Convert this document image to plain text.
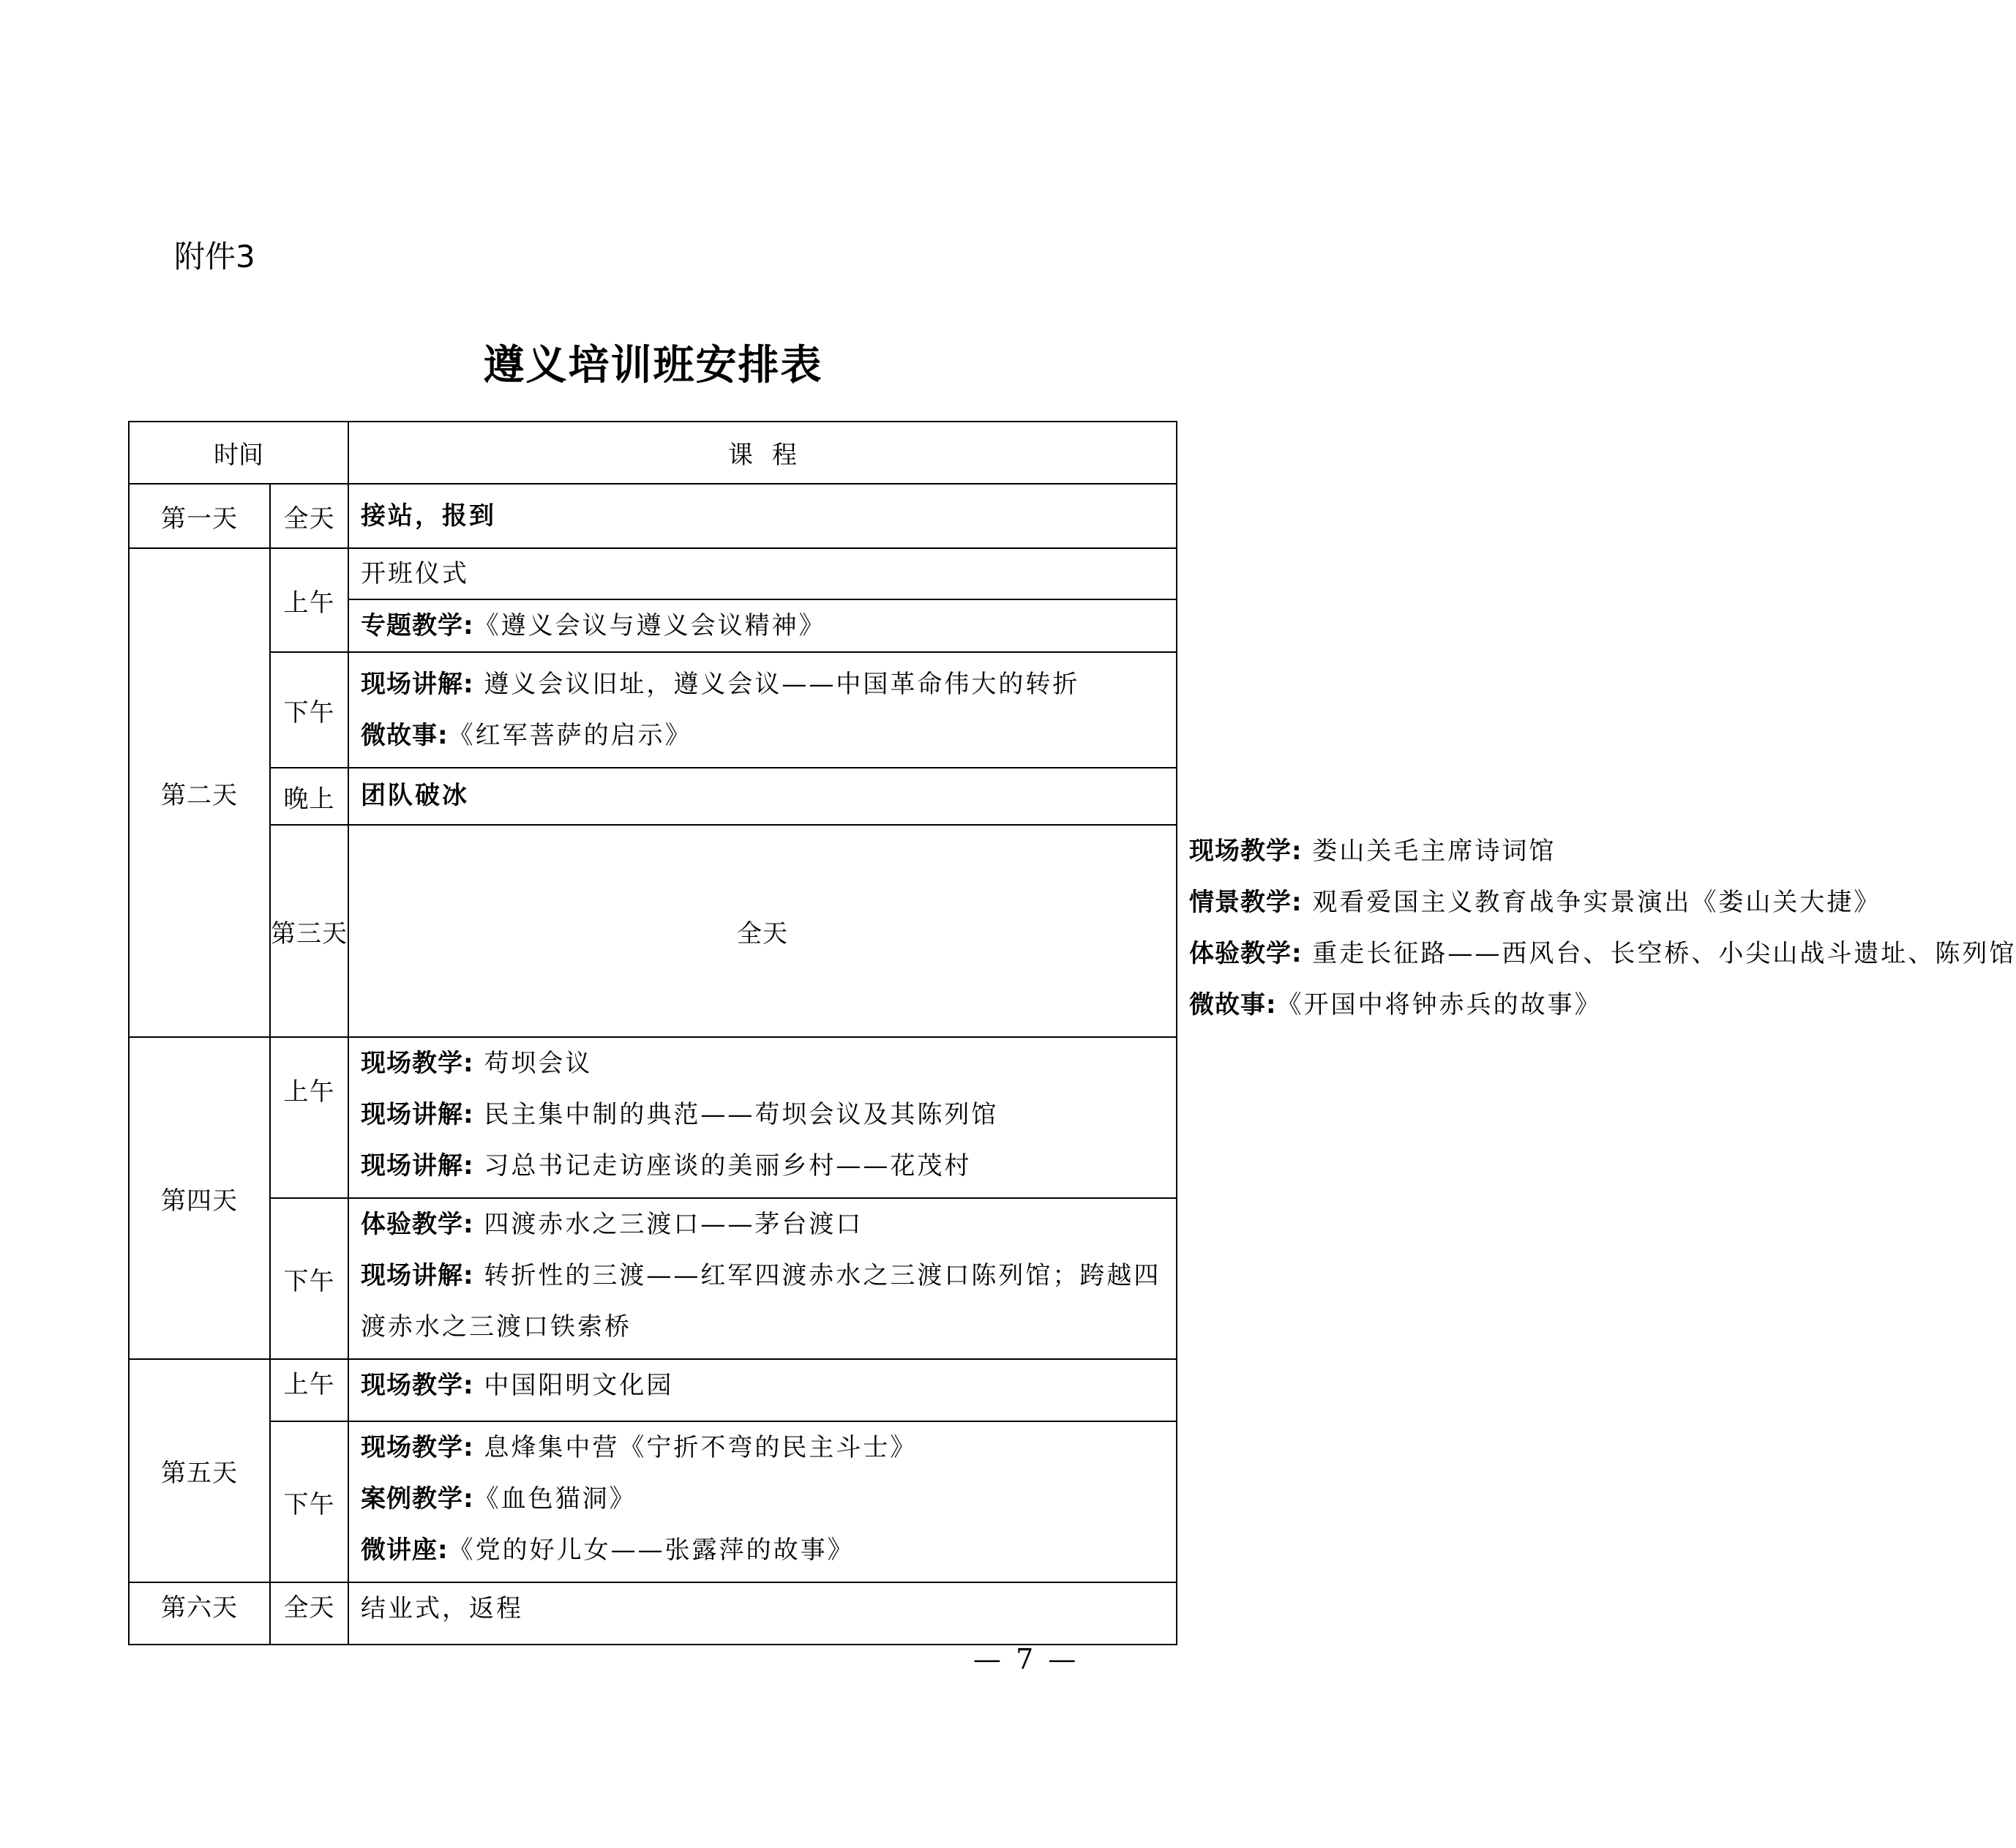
附件3
遵义培训班安排表
时间		课程	
第一天	全天	接站，报到	

第二天	上午	开班仪式	

		专题教学:《遵义会议与遵义会议精神》	

	下午	现场讲解: 遵义会议旧址，遵义会议——中国革命伟大的转折
微故事:《红军菩萨的启示》	

	晚上	团队破冰	

	第三天	全天	现场教学: 娄山关毛主席诗词馆
情景教学: 观看爱国主义教育战争实景演出《娄山关大捷》
体验教学: 重走长征路——西风台、长空桥、小尖山战斗遗址、陈列馆
微故事:《开国中将钟赤兵的故事》

第四天	上午	现场教学: 苟坝会议
现场讲解: 民主集中制的典范——苟坝会议及其陈列馆
现场讲解: 习总书记走访座谈的美丽乡村——花茂村	

	下午	体验教学: 四渡赤水之三渡口——茅台渡口
现场讲解: 转折性的三渡——红军四渡赤水之三渡口陈列馆；跨越四渡赤水之三渡口铁索桥	

第五天	上午	现场教学: 中国阳明文化园	

	下午	现场教学: 息烽集中营《宁折不弯的民主斗士》
案例教学:《血色猫洞》
微讲座:《党的好儿女——张露萍的故事》	

第六天	全天	结业式，返程	
— 7 —
